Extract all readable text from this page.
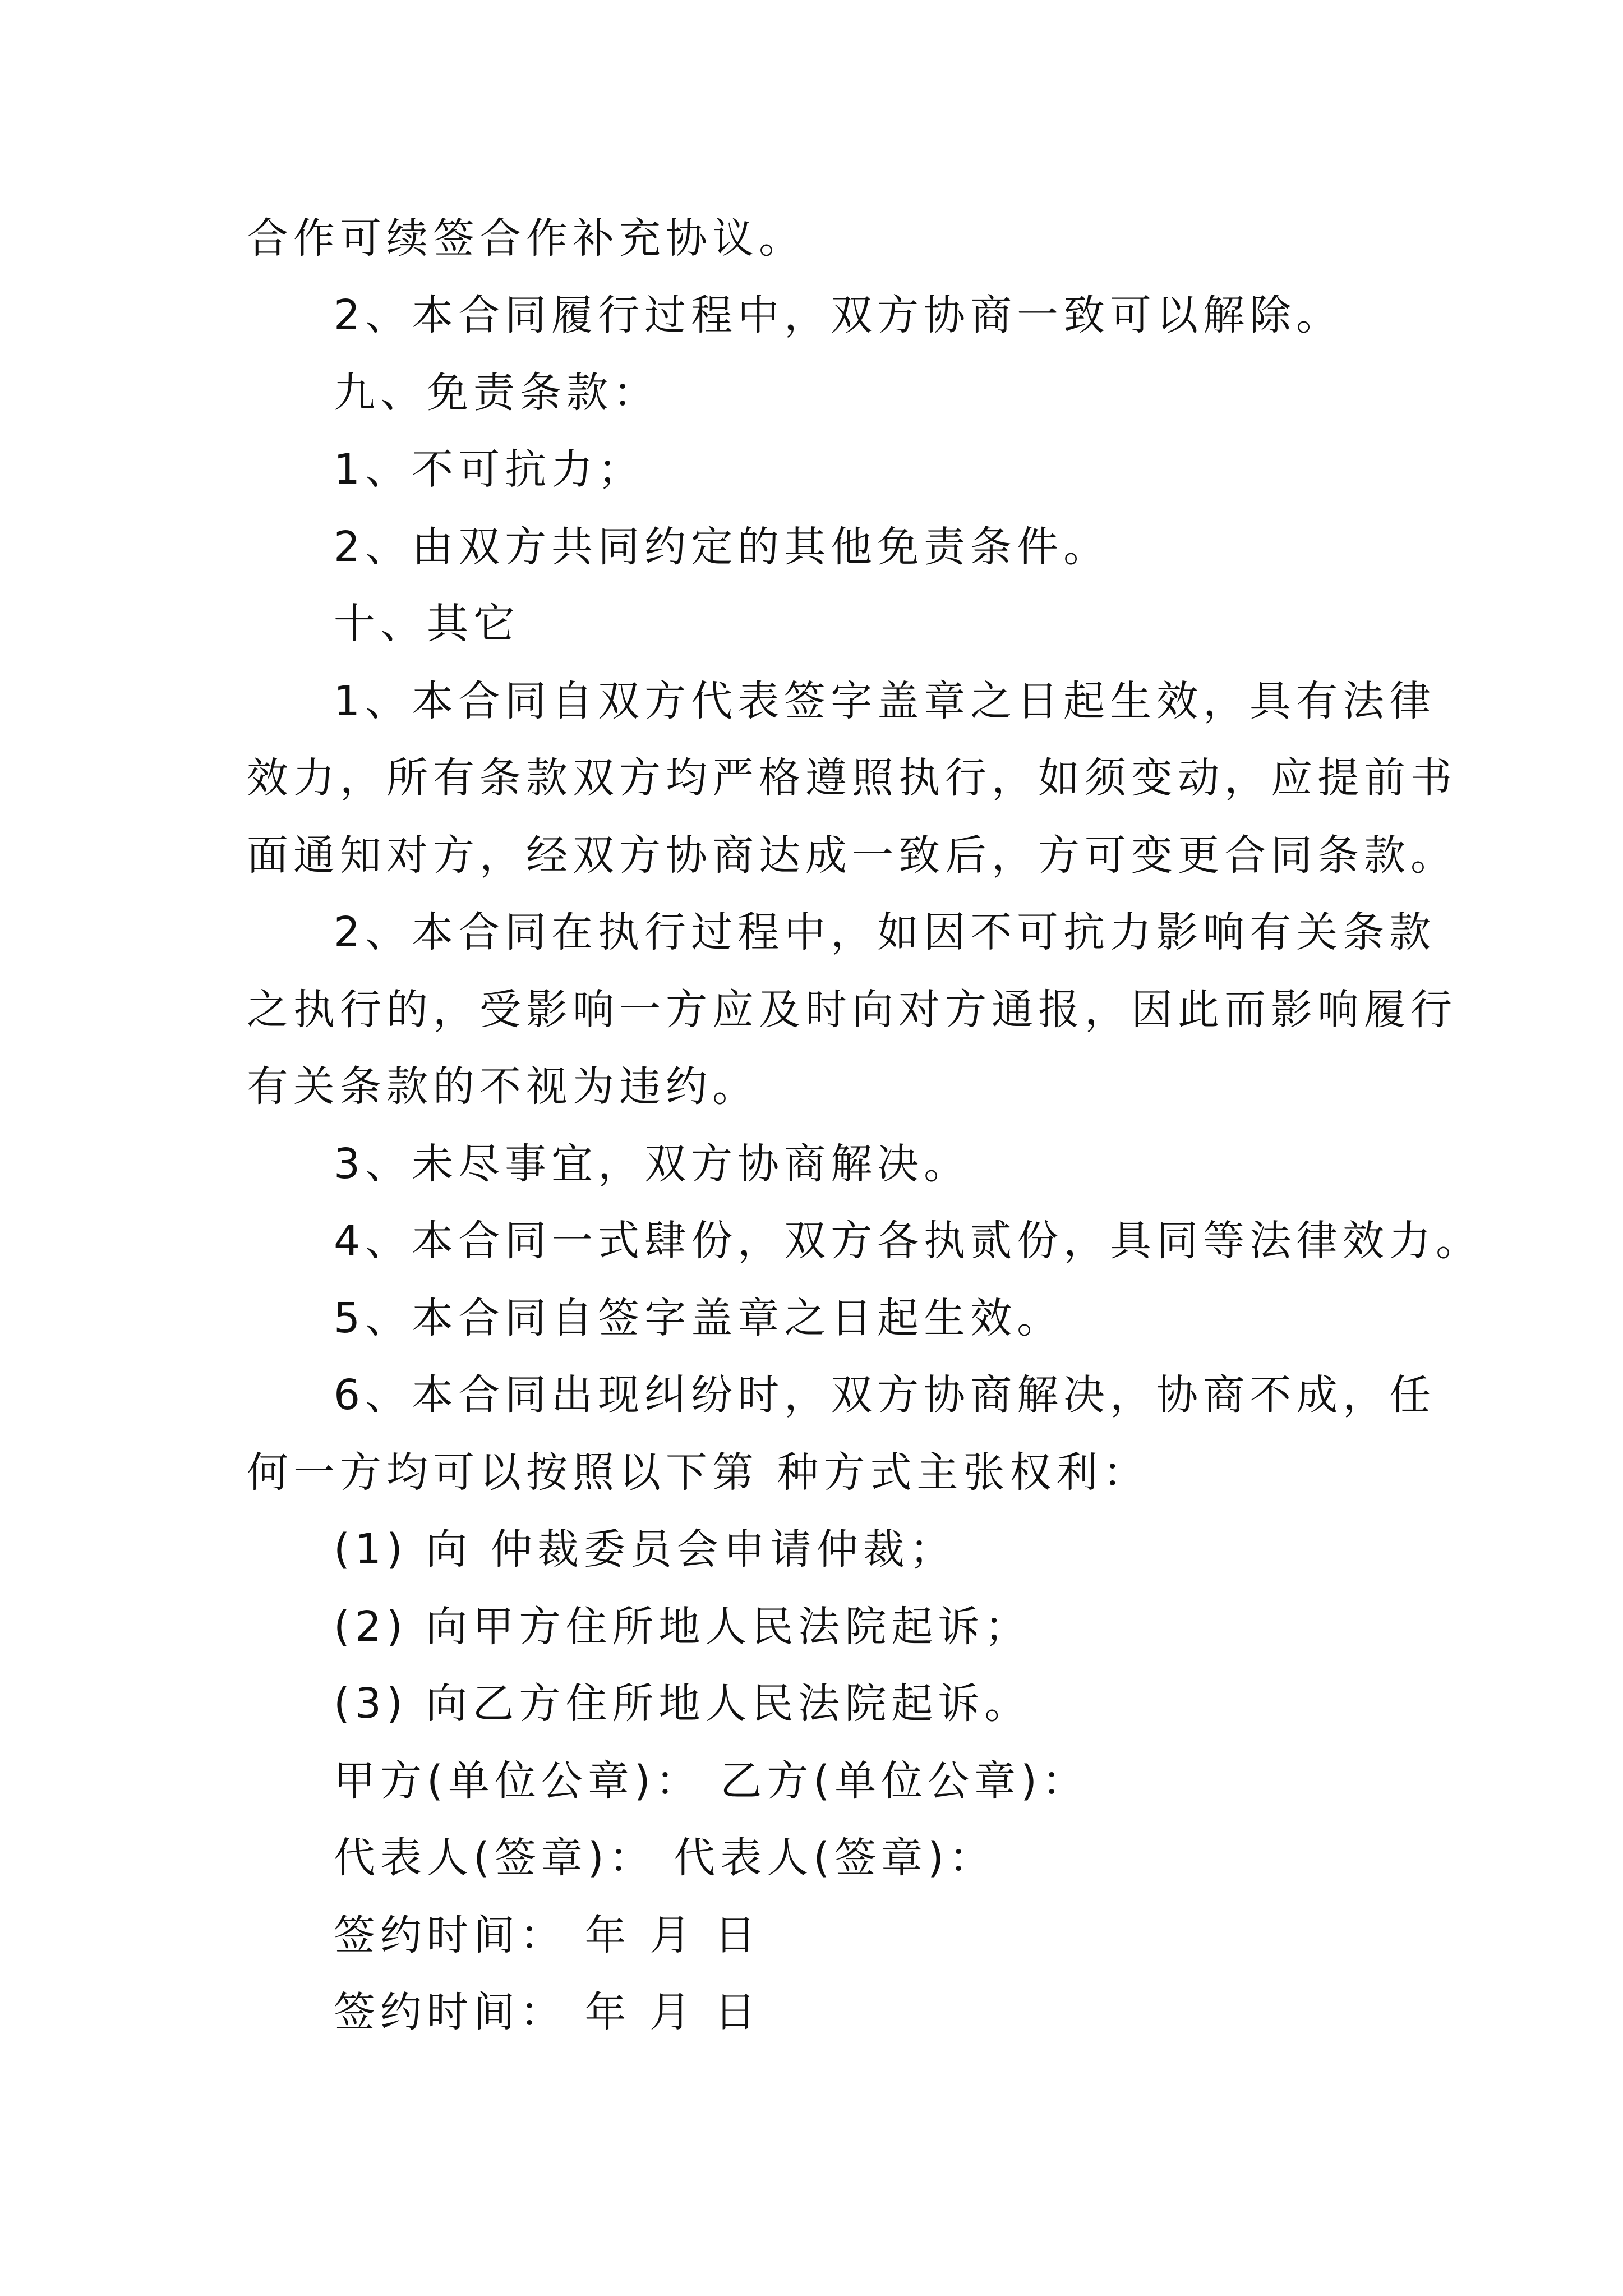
合作可续签合作补充协议。
2、本合同履行过程中，双方协商一致可以解除。
九、免责条款：
1、不可抗力；
2、由双方共同约定的其他免责条件。
十、其它
1、本合同自双方代表签字盖章之日起生效，具有法律
效力，所有条款双方均严格遵照执行，如须变动，应提前书
面通知对方，经双方协商达成一致后，方可变更合同条款。
2、本合同在执行过程中，如因不可抗力影响有关条款
之执行的，受影响一方应及时向对方通报，因此而影响履行
有关条款的不视为违约。
3、未尽事宜，双方协商解决。
4、本合同一式肆份，双方各执贰份，具同等法律效力。
5、本合同自签字盖章之日起生效。
6、本合同出现纠纷时，双方协商解决，协商不成，任
何一方均可以按照以下第 种方式主张权利：
(1) 向 仲裁委员会申请仲裁；
(2) 向甲方住所地人民法院起诉；
(3) 向乙方住所地人民法院起诉。
甲方(单位公章)： 乙方(单位公章)：
代表人(签章)： 代表人(签章)：
签约时间： 年 月 日
签约时间： 年 月 日
